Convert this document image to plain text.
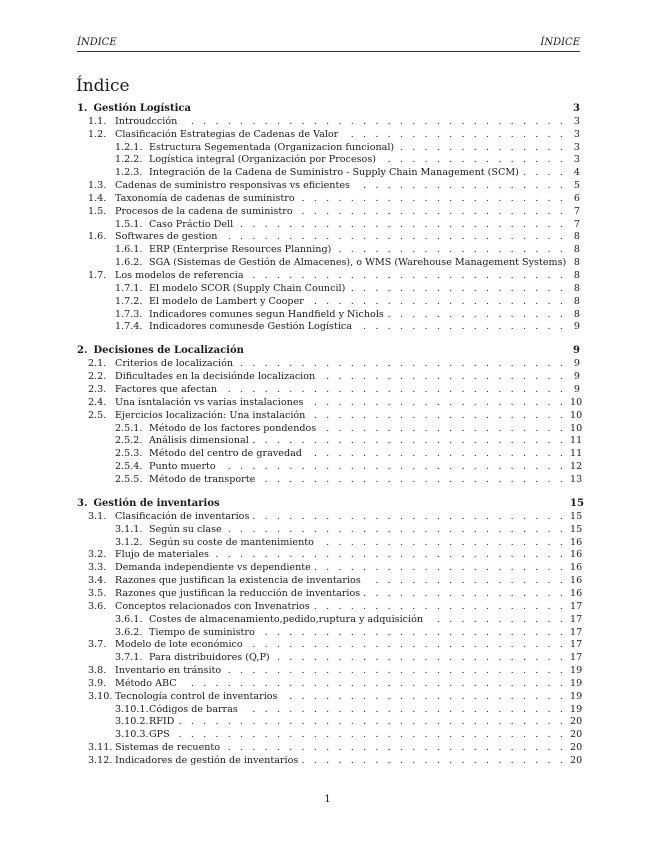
ÍNDICE	ÍNDICE
Índice
1. Gestión Logística	3
1.1. Introudcción . . .	3
1.2. Clasificación Estrategias de Cadenas de Valor . . .	3
1.2.1. Estructura Segementada (Organizacion funcional) . . .	3
1.2.2. Logística integral (Organización por Procesos) . . .	3
1.2.3. Integración de la Cadena de Suministro - Supply Chain Management (SCM) . . .	4
1.3. Cadenas de suministro responsivas vs eficientes . . .	5
1.4. Taxonomía de cadenas de suministro . . .	6
1.5. Procesos de la cadena de suministro . . .	7
1.5.1. Caso Práctio Dell . . .	7
1.6. Softwares de gestion . . .	8
1.6.1. ERP (Enterprise Resources Planning) . . .	8
1.6.2. SGA (Sistemas de Gestión de Almacenes), o WMS (Warehouse Management Systems) 8
1.7. Los modelos de referencia . . .	8
1.7.1. El modelo SCOR (Supply Chain Council) . . .	8
1.7.2. El modelo de Lambert y Cooper . . .	8
1.7.3. Indicadores comunes segun Handfield y Nichols . . .	8
1.7.4. Indicadores comunesde Gestión Logística . . .	9
2. Decisiones de Localización	9
2.1. Criterios de localización . . .	9
2.2. Dificultades en la decisiónde localizacion . . .	9
2.3. Factores que afectan . . .	9
2.4. Una isntalación vs varias instalaciones . . .	10
2.5. Ejercicios localización: Una instalación . . .	10
2.5.1. Método de los factores pondendos . . .	10
2.5.2. Análisis dimensional . . .	11
2.5.3. Método del centro de gravedad . . .	11
2.5.4. Punto muerto . . .	12
2.5.5. Método de transporte . . .	13
3. Gestión de inventarios	15
3.1. Clasificación de inventarios . . .	15
3.1.1. Según su clase . . .	15
3.1.2. Según su coste de mantenimiento . . .	16
3.2. Flujo de materiales . . .	16
3.3. Demanda independiente vs dependiente . . .	16
3.4. Razones que justifican la existencia de inventarios . . .	16
3.5. Razones que justifican la reducción de inventarios . . .	16
3.6. Conceptos relacionados con Invenatrios . . .	17
3.6.1. Costes de almacenamiento,pedido,ruptura y adquisición . . .	17
3.6.2. Tiempo de suministro . . .	17
3.7. Modelo de lote económico . . .	17
3.7.1. Para distribuidores (Q,P) . . .	17
3.8. Inventario en tránsito . . .	19
3.9. Método ABC . . .	19
3.10. Tecnología control de inventarios . . .	19
3.10.1. Códigos de barras . . .	19
3.10.2. RFID . . .	20
3.10.3. GPS . . .	20
3.11. Sistemas de recuento . . .	20
3.12. Indicadores de gestión de inventarios . . .	20
1
